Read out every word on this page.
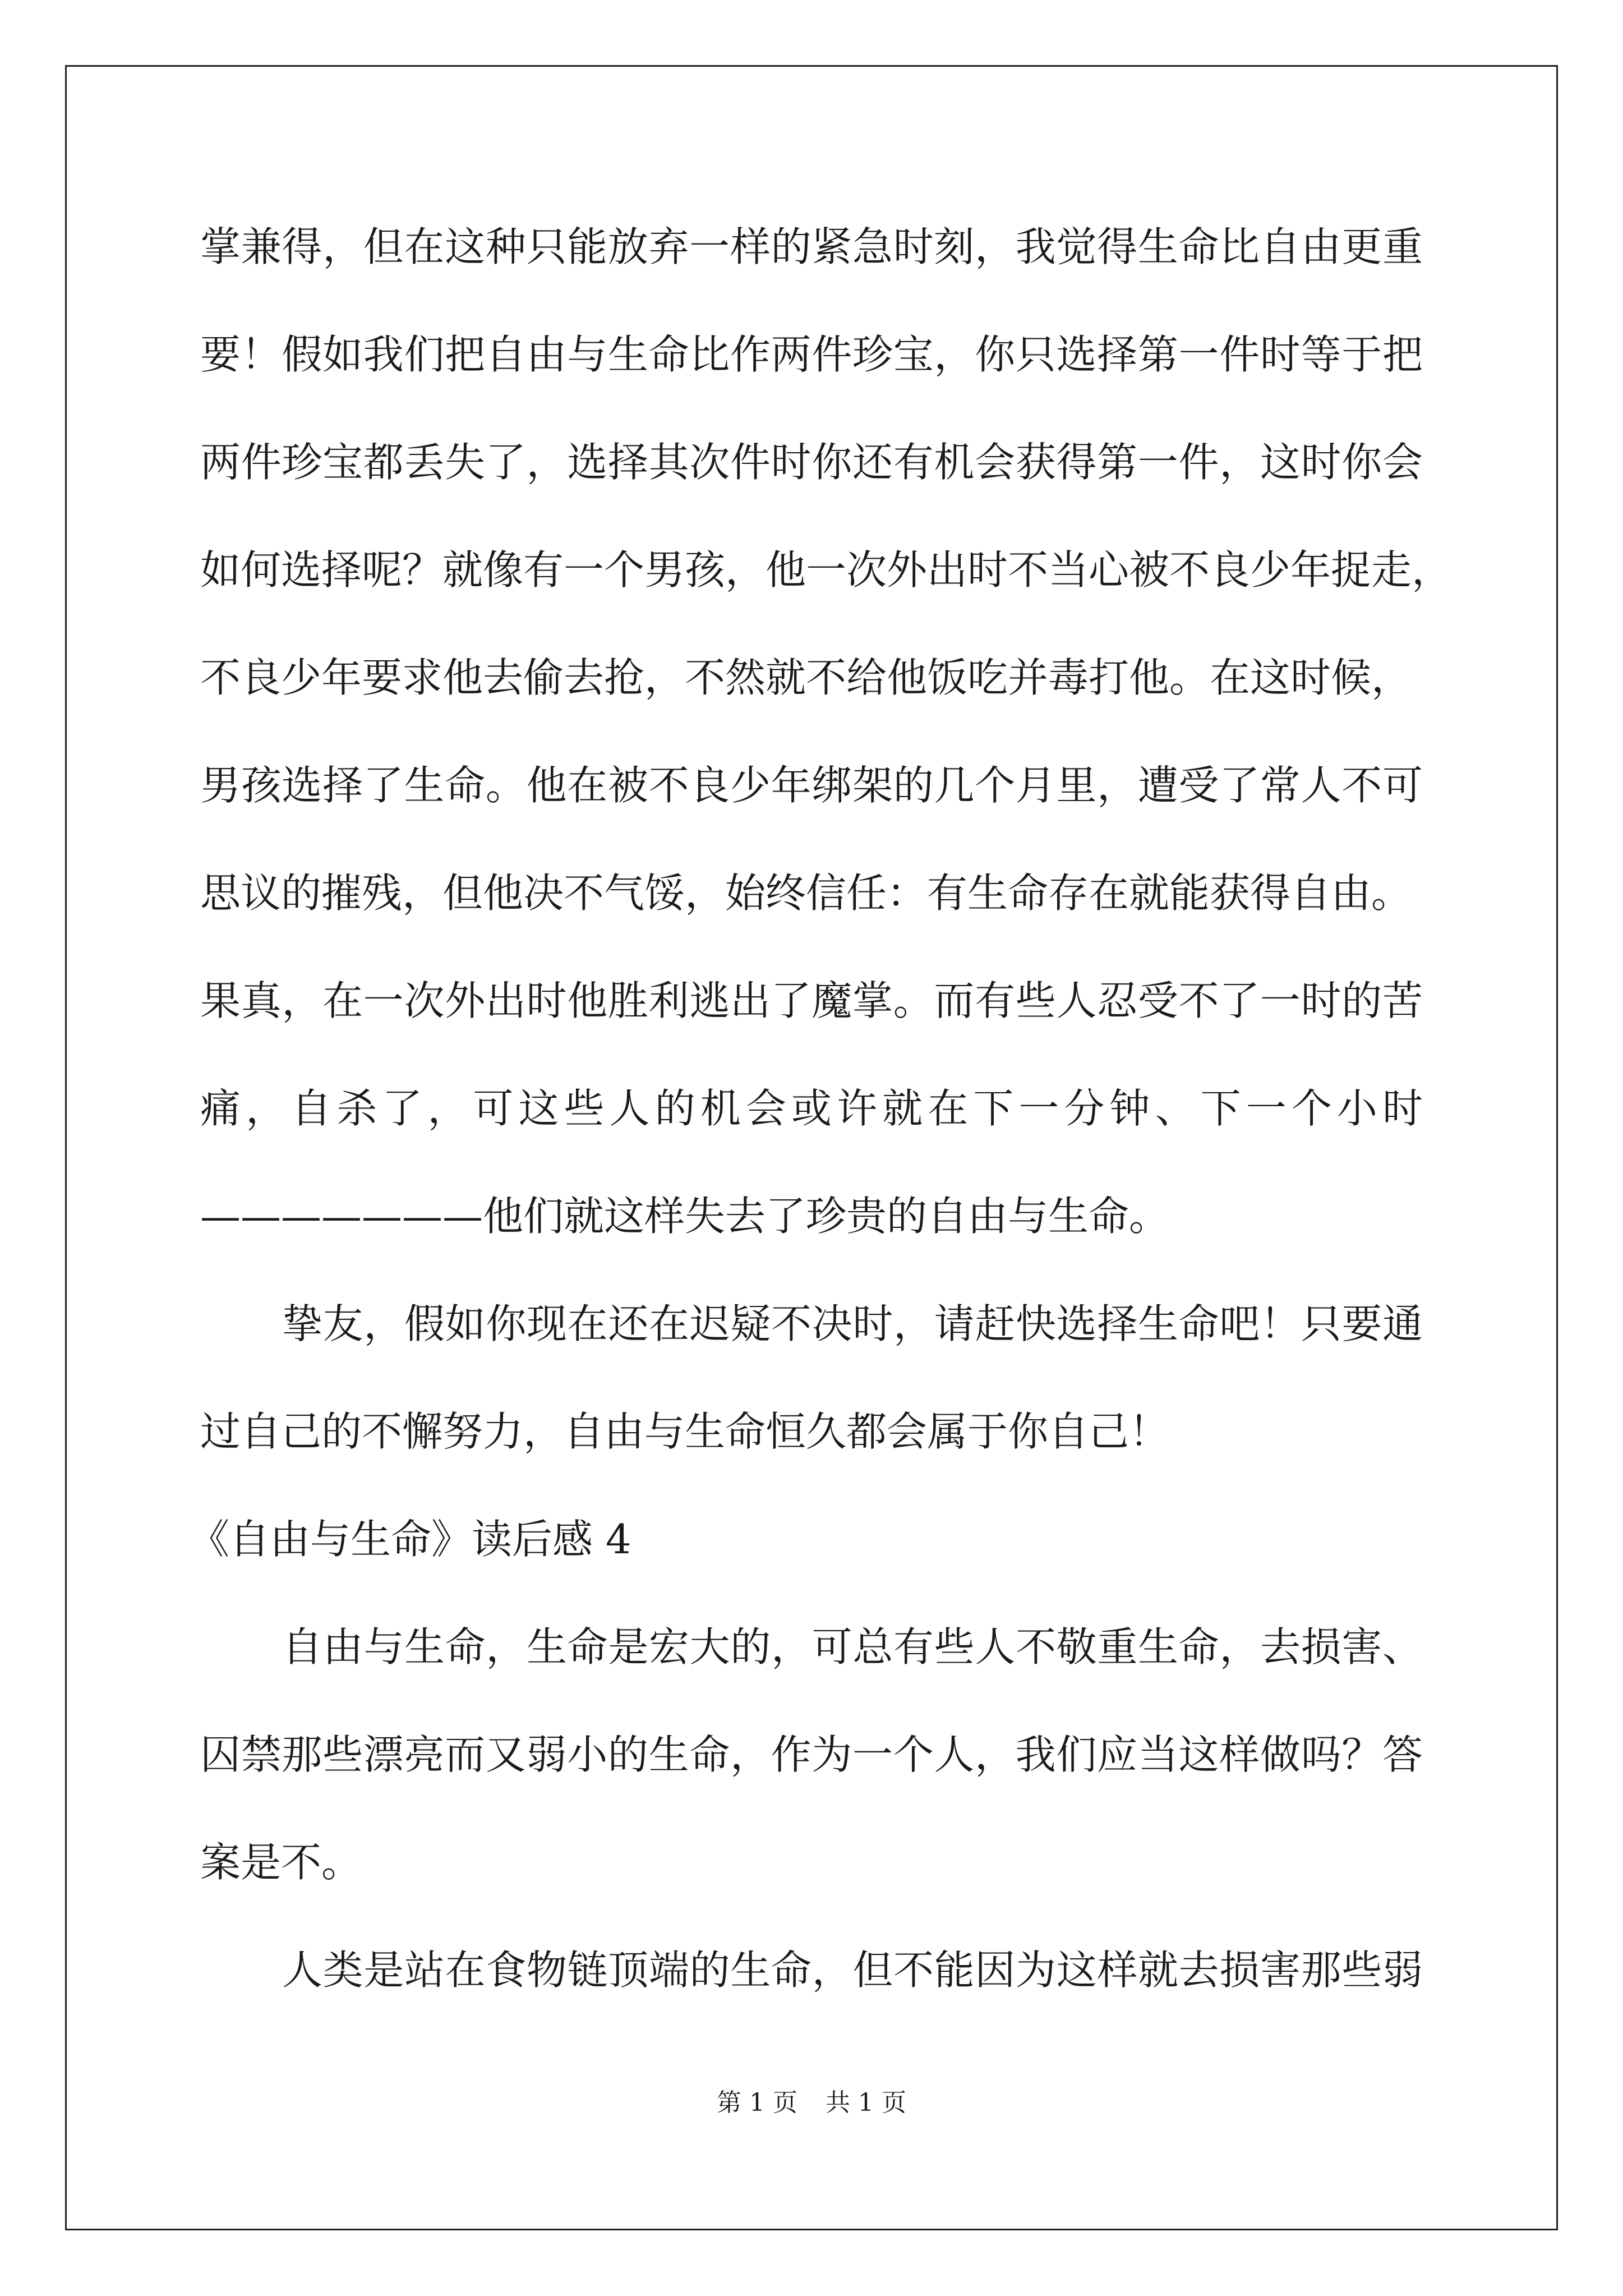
掌兼得，但在这种只能放弃一样的紧急时刻，我觉得生命比自由更重
要！假如我们把自由与生命比作两件珍宝，你只选择第一件时等于把
两件珍宝都丢失了，选择其次件时你还有机会获得第一件，这时你会
如何选择呢？就像有一个男孩，他一次外出时不当心被不良少年捉走，
不良少年要求他去偷去抢，不然就不给他饭吃并毒打他。在这时候，
男孩选择了生命。他在被不良少年绑架的几个月里，遭受了常人不可
思议的摧残，但他决不气馁，始终信任：有生命存在就能获得自由。
果真，在一次外出时他胜利逃出了魔掌。而有些人忍受不了一时的苦
痛，自杀了，可这些人的机会或许就在下一分钟、下一个小时
———————他们就这样失去了珍贵的自由与生命。
挚友，假如你现在还在迟疑不决时，请赶快选择生命吧！只要通
过自己的不懈努力，自由与生命恒久都会属于你自己！
《自由与生命》读后感 4
自由与生命，生命是宏大的，可总有些人不敬重生命，去损害、
囚禁那些漂亮而又弱小的生命，作为一个人，我们应当这样做吗？答
案是不。
人类是站在食物链顶端的生命，但不能因为这样就去损害那些弱
第 1 页 共 1 页
